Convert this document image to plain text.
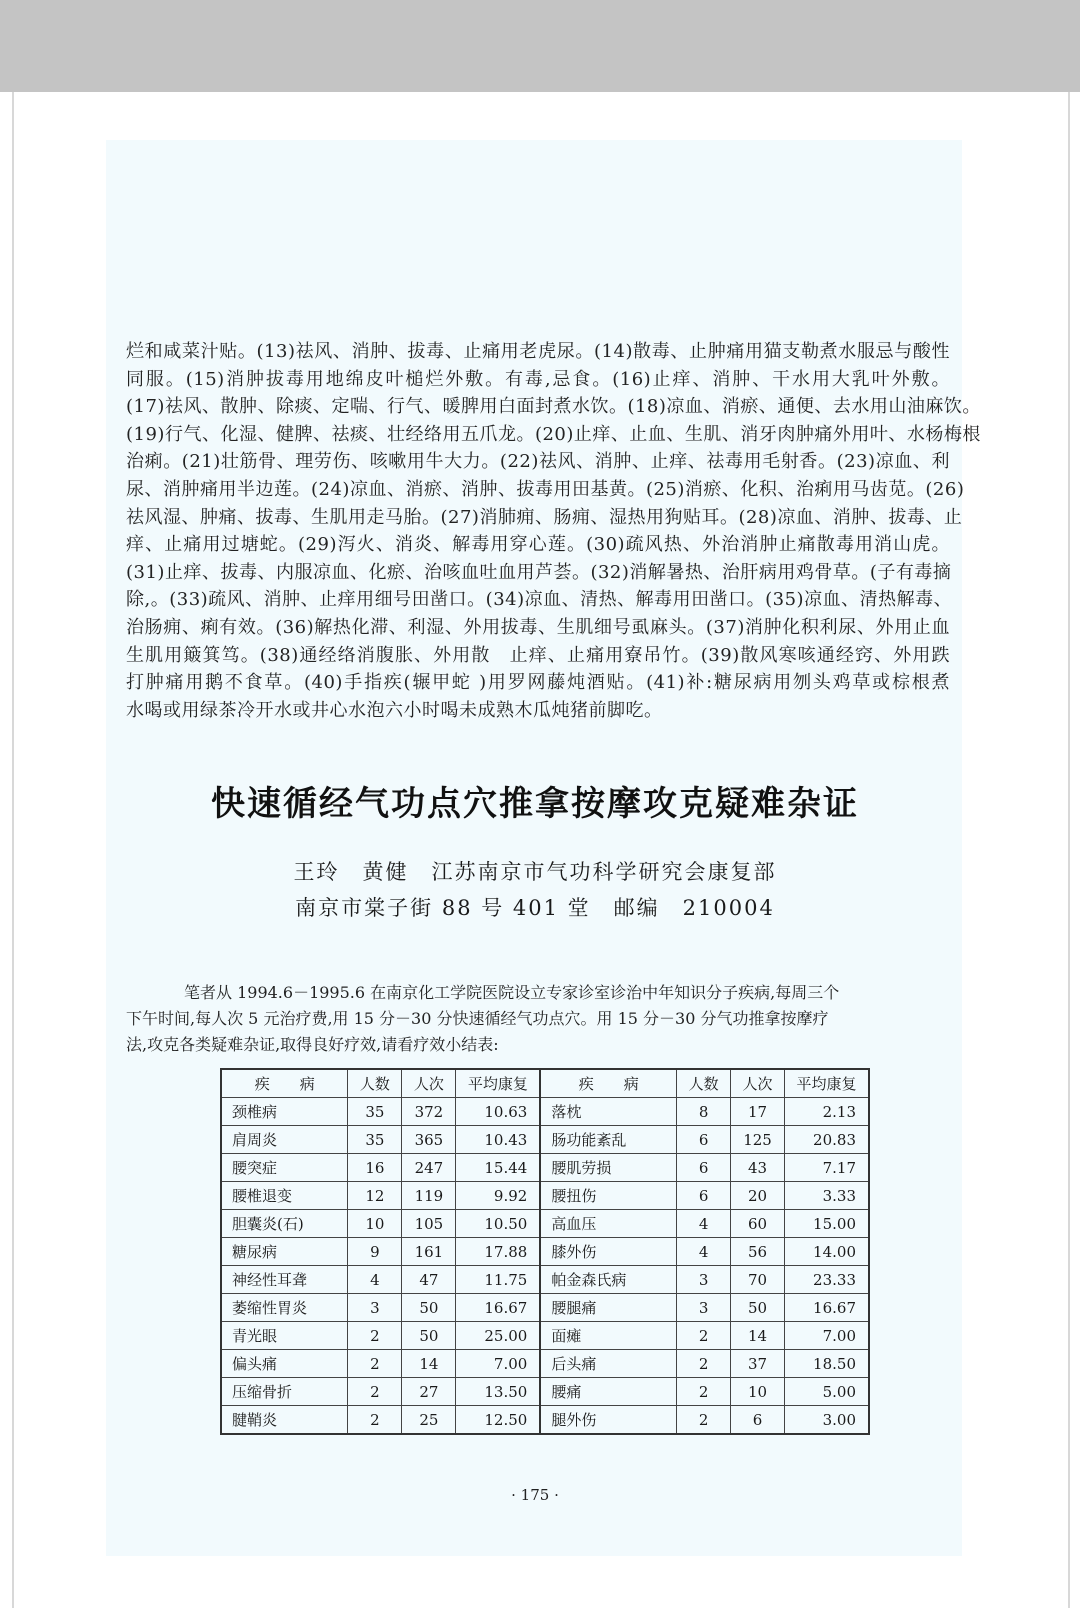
烂和咸菜汁贴。(13)祛风、消肿、拔毒、止痛用老虎尿。(14)散毒、止肿痛用猫支勒煮水服忌与酸性
同服。(15)消肿拔毒用地绵皮叶槌烂外敷。有毒,忌食。(16)止痒、消肿、干水用大乳叶外敷。
(17)祛风、散肿、除痰、定喘、行气、暖脾用白面封煮水饮。(18)凉血、消瘀、通便、去水用山油麻饮。
(19)行气、化湿、健脾、祛痰、壮经络用五爪龙。(20)止痒、止血、生肌、消牙肉肿痛外用叶、水杨梅根
治痢。(21)壮筋骨、理劳伤、咳嗽用牛大力。(22)祛风、消肿、止痒、祛毒用毛射香。(23)凉血、利
尿、消肿痛用半边莲。(24)凉血、消瘀、消肿、拔毒用田基黄。(25)消瘀、化积、治痢用马齿苋。(26)
祛风湿、肿痛、拔毒、生肌用走马胎。(27)消肺痈、肠痈、湿热用狗贴耳。(28)凉血、消肿、拔毒、止
痒、止痛用过塘蛇。(29)泻火、消炎、解毒用穿心莲。(30)疏风热、外治消肿止痛散毒用消山虎。
(31)止痒、拔毒、内服凉血、化瘀、治咳血吐血用芦荟。(32)消解暑热、治肝病用鸡骨草。(子有毒摘
除,。(33)疏风、消肿、止痒用细号田凿口。(34)凉血、清热、解毒用田凿口。(35)凉血、清热解毒、
治肠痈、痢有效。(36)解热化滞、利湿、外用拔毒、生肌细号虱麻头。(37)消肿化积利尿、外用止血
生肌用簸箕笃。(38)通经络消腹胀、外用散　止痒、止痛用寮吊竹。(39)散风寒咳通经窍、外用跌
打肿痛用鹅不食草。(40)手指疾(辗甲蛇 )用罗网藤炖酒贴。(41)补:糖尿病用刎头鸡草或棕根煮
水喝或用绿茶冷开水或井心水泡六小时喝未成熟木瓜炖猪前脚吃。
快速循经气功点穴推拿按摩攻克疑难杂证
王玲　黄健　江苏南京市气功科学研究会康复部
南京市棠子街 88 号 401 堂　邮编　210004
笔者从 1994.6－1995.6 在南京化工学院医院设立专家诊室诊治中年知识分子疾病,每周三个
下午时间,每人次 5 元治疗费,用 15 分－30 分快速循经气功点穴。用 15 分－30 分气功推拿按摩疗
法,攻克各类疑难杂证,取得良好疗效,请看疗效小结表:
疾　　病	人数	人次	平均康复	疾　　病	人数	人次	平均康复
颈椎病	35	372	10.63	落枕	8	17	2.13
肩周炎	35	365	10.43	肠功能紊乱	6	125	20.83
腰突症	16	247	15.44	腰肌劳损	6	43	7.17
腰椎退变	12	119	9.92	腰扭伤	6	20	3.33
胆囊炎(石)	10	105	10.50	高血压	4	60	15.00
糖尿病	9	161	17.88	膝外伤	4	56	14.00
神经性耳聋	4	47	11.75	帕金森氏病	3	70	23.33
萎缩性胃炎	3	50	16.67	腰腿痛	3	50	16.67
青光眼	2	50	25.00	面瘫	2	14	7.00
偏头痛	2	14	7.00	后头痛	2	37	18.50
压缩骨折	2	27	13.50	腰痛	2	10	5.00
腱鞘炎	2	25	12.50	腿外伤	2	6	3.00
· 175 ·
